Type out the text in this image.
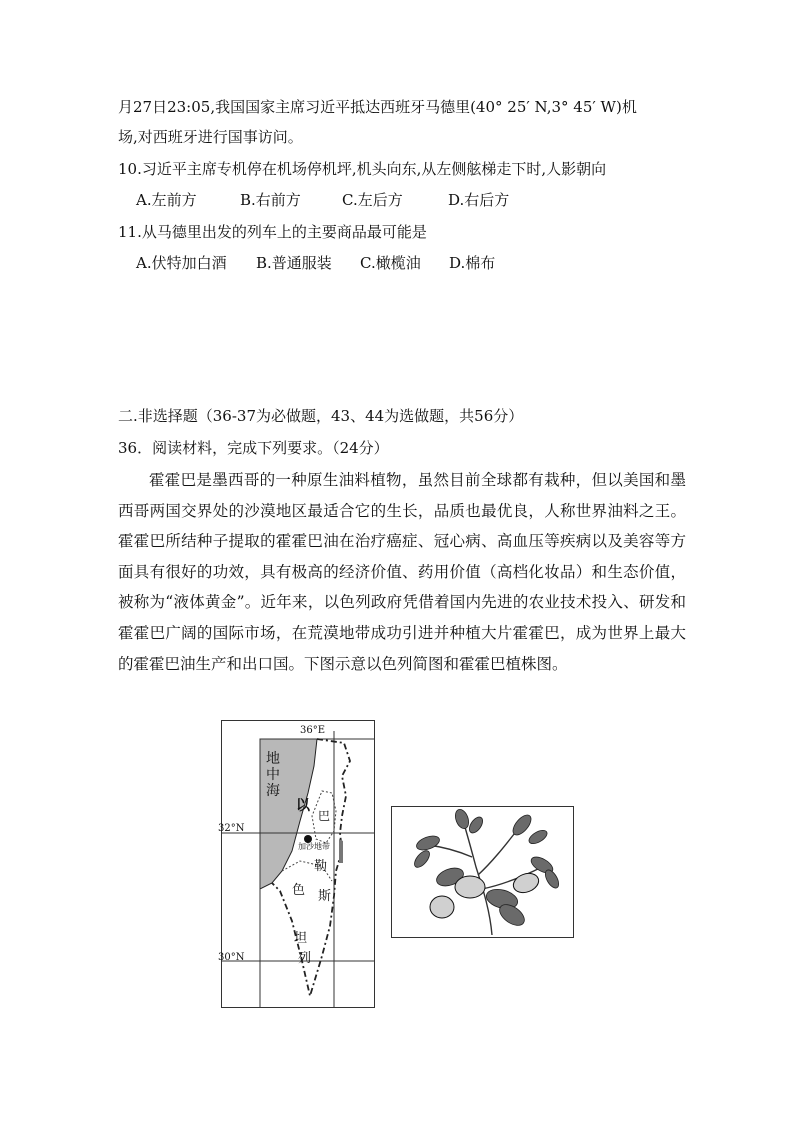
月27日23:05,我国国家主席习近平抵达西班牙马德里(40° 25′ N,3° 45′ W)机
场,对西班牙进行国事访问。
10.习近平主席专机停在机场停机坪,机头向东,从左侧舷梯走下时,人影朝向
A.左前方	B.右前方	C.左后方	D.右后方
11.从马德里出发的列车上的主要商品最可能是
A.伏特加白酒 B.普通服装 C.橄榄油 D.棉布
二.非选择题（36-37为必做题，43、44为选做题，共56分）
36．阅读材料，完成下列要求。（24分）
霍霍巴是墨西哥的一种原生油料植物，虽然目前全球都有栽种，但以美国和墨西哥两国交界处的沙漠地区最适合它的生长，品质也最优良，人称世界油料之王。霍霍巴所结种子提取的霍霍巴油在治疗癌症、冠心病、高血压等疾病以及美容等方面具有很好的功效，具有极高的经济价值、药用价值（高档化妆品）和生态价值，被称为“液体黄金”。近年来，以色列政府凭借着国内先进的农业技术投入、研发和霍霍巴广阔的国际市场，在荒漠地带成功引进并种植大片霍霍巴，成为世界上最大的霍霍巴油生产和出口国。下图示意以色列简图和霍霍巴植株图。
36°E
32°N
30°N
地
中
海
以
巴
加沙地带
勒
色 斯
坦
列
